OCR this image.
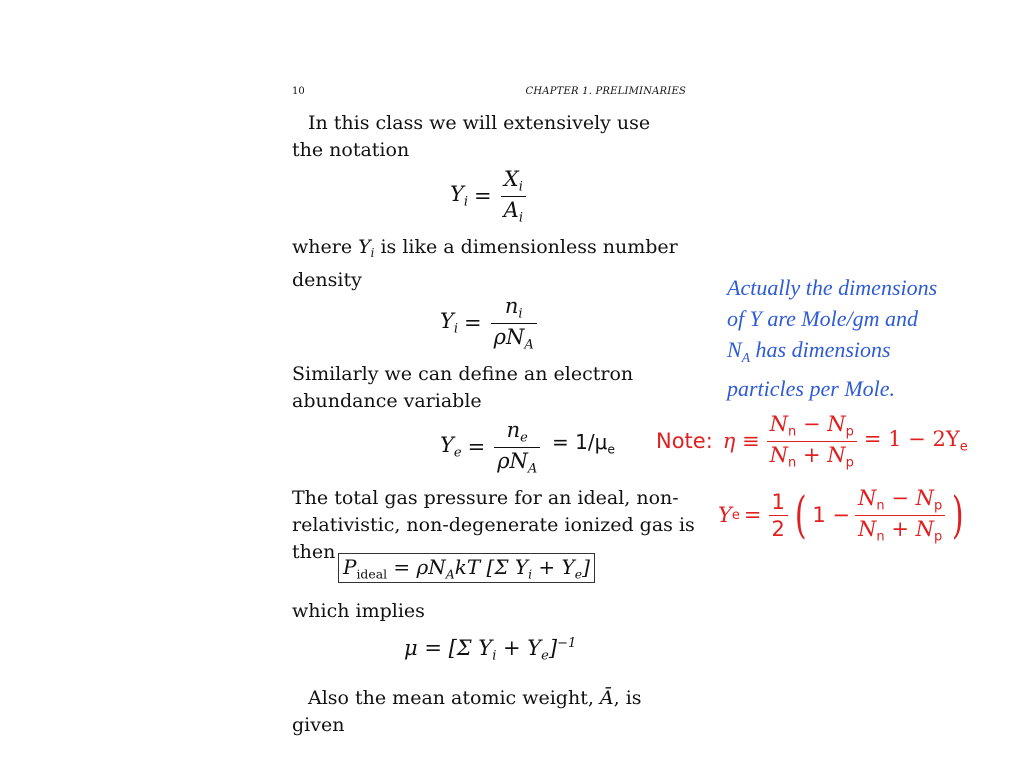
10	CHAPTER 1. PRELIMINARIES
In this class we will extensively use the notation
$Y_i = \frac{X_i}{A_i}$
where $Y_i$ is like a dimensionless number density
$Y_i = \frac{n_i}{\rho N_A}$
Similarly we can define an electron abundance variable
$Y_e = \frac{n_e}{\rho N_A} = 1/\mu_e$
The total gas pressure for an ideal, non-relativistic, non-degenerate ionized gas is then
$P_{ideal} = \rho N_AkT$ [Σ $Y_i + Y_e$]
which implies
μ = [Σ $Y_i + Y_e]^{-1}$
Also the mean atomic weight, Ā, is given
Actually the dimensions
of Y are Mole/gm and
$N_A$ has dimensions
particles per Mole.
Note: $\eta \equiv \frac{N_n - N_p}{N_n + N_p} = 1 - 2Y_e$
Y $e = \frac{1}{2}$ ( $1 - \frac{N_n - N_p}{N_n + N_p}$ )
